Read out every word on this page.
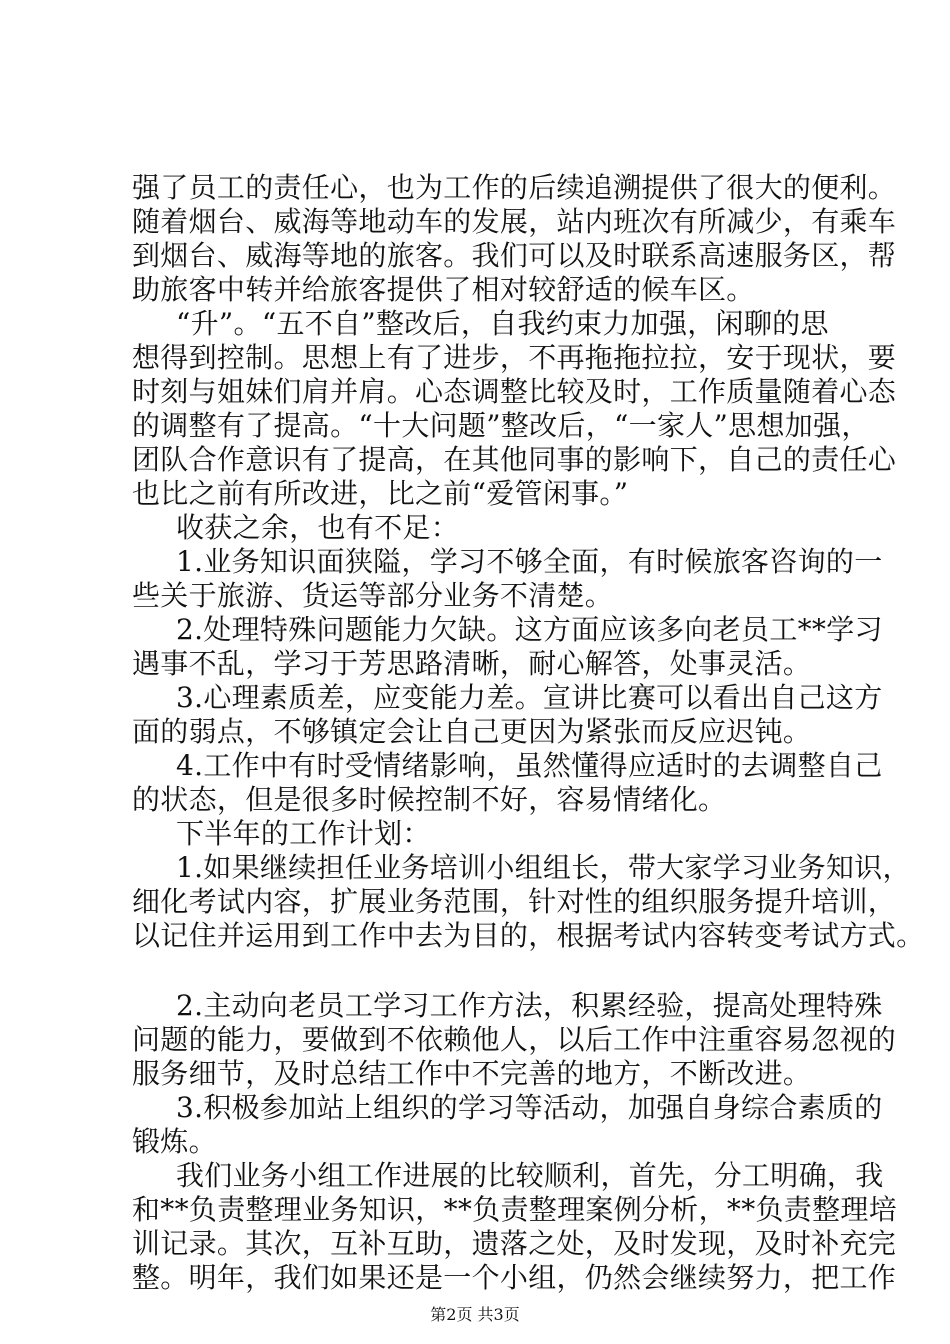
强了员工的责任心，也为工作的后续追溯提供了很大的便利。
随着烟台、威海等地动车的发展，站内班次有所减少，有乘车
到烟台、威海等地的旅客。我们可以及时联系高速服务区，帮
助旅客中转并给旅客提供了相对较舒适的候车区。
“升”。“五不自”整改后，自我约束力加强，闲聊的思
想得到控制。思想上有了进步，不再拖拖拉拉，安于现状，要
时刻与姐妹们肩并肩。心态调整比较及时，工作质量随着心态
的调整有了提高。“十大问题”整改后，“一家人”思想加强，
团队合作意识有了提高，在其他同事的影响下，自己的责任心
也比之前有所改进，比之前“爱管闲事。”
收获之余，也有不足：
1.业务知识面狭隘，学习不够全面，有时候旅客咨询的一
些关于旅游、货运等部分业务不清楚。
2.处理特殊问题能力欠缺。这方面应该多向老员工**学习
遇事不乱，学习于芳思路清晰，耐心解答，处事灵活。
3.心理素质差，应变能力差。宣讲比赛可以看出自己这方
面的弱点，不够镇定会让自己更因为紧张而反应迟钝。
4.工作中有时受情绪影响，虽然懂得应适时的去调整自己
的状态，但是很多时候控制不好，容易情绪化。
下半年的工作计划：
1.如果继续担任业务培训小组组长，带大家学习业务知识，
细化考试内容，扩展业务范围，针对性的组织服务提升培训，
以记住并运用到工作中去为目的，根据考试内容转变考试方式。
2.主动向老员工学习工作方法，积累经验，提高处理特殊
问题的能力，要做到不依赖他人，以后工作中注重容易忽视的
服务细节，及时总结工作中不完善的地方，不断改进。
3.积极参加站上组织的学习等活动，加强自身综合素质的
锻炼。
我们业务小组工作进展的比较顺利，首先，分工明确，我
和**负责整理业务知识，**负责整理案例分析，**负责整理培
训记录。其次，互补互助，遗落之处，及时发现，及时补充完
整。明年，我们如果还是一个小组，仍然会继续努力，把工作
第2页 共3页
